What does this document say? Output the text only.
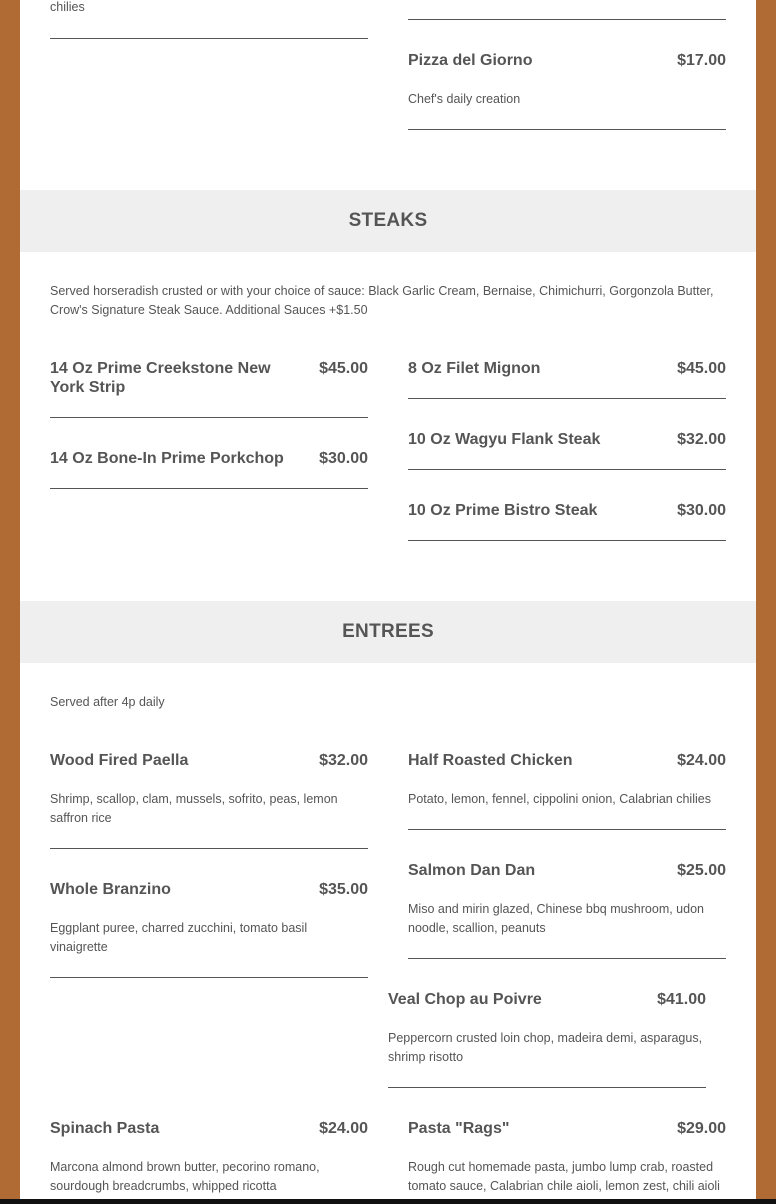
chilies
Pizza del Giorno	$17.00
Chef's daily creation
STEAKS
Served horseradish crusted or with your choice of sauce: Black Garlic Cream, Bernaise, Chimichurri, Gorgonzola Butter, Crow's Signature Steak Sauce. Additional Sauces +$1.50
14 Oz Prime Creekstone New York Strip
$45.00
14 Oz Bone-In Prime Porkchop	$30.00
8 Oz Filet Mignon	$45.00
10 Oz Wagyu Flank Steak	$32.00
10 Oz Prime Bistro Steak	$30.00
ENTREES
Served after 4p daily
Wood Fired Paella	$32.00
Shrimp, scallop, clam, mussels, sofrito, peas, lemon saffron rice
Whole Branzino	$35.00
Eggplant puree, charred zucchini, tomato basil vinaigrette
Half Roasted Chicken	$24.00
Potato, lemon, fennel, cippolini onion, Calabrian chilies
Salmon Dan Dan	$25.00
Miso and mirin glazed, Chinese bbq mushroom, udon noodle, scallion, peanuts
Veal Chop au Poivre	$41.00
Peppercorn crusted loin chop, madeira demi, asparagus, shrimp risotto
Spinach Pasta	$24.00
Marcona almond brown butter, pecorino romano, sourdough breadcrumbs, whipped ricotta
Pasta "Rags"	$29.00
Rough cut homemade pasta, jumbo lump crab, roasted tomato sauce, Calabrian chile aioli, lemon zest, chili aioli
